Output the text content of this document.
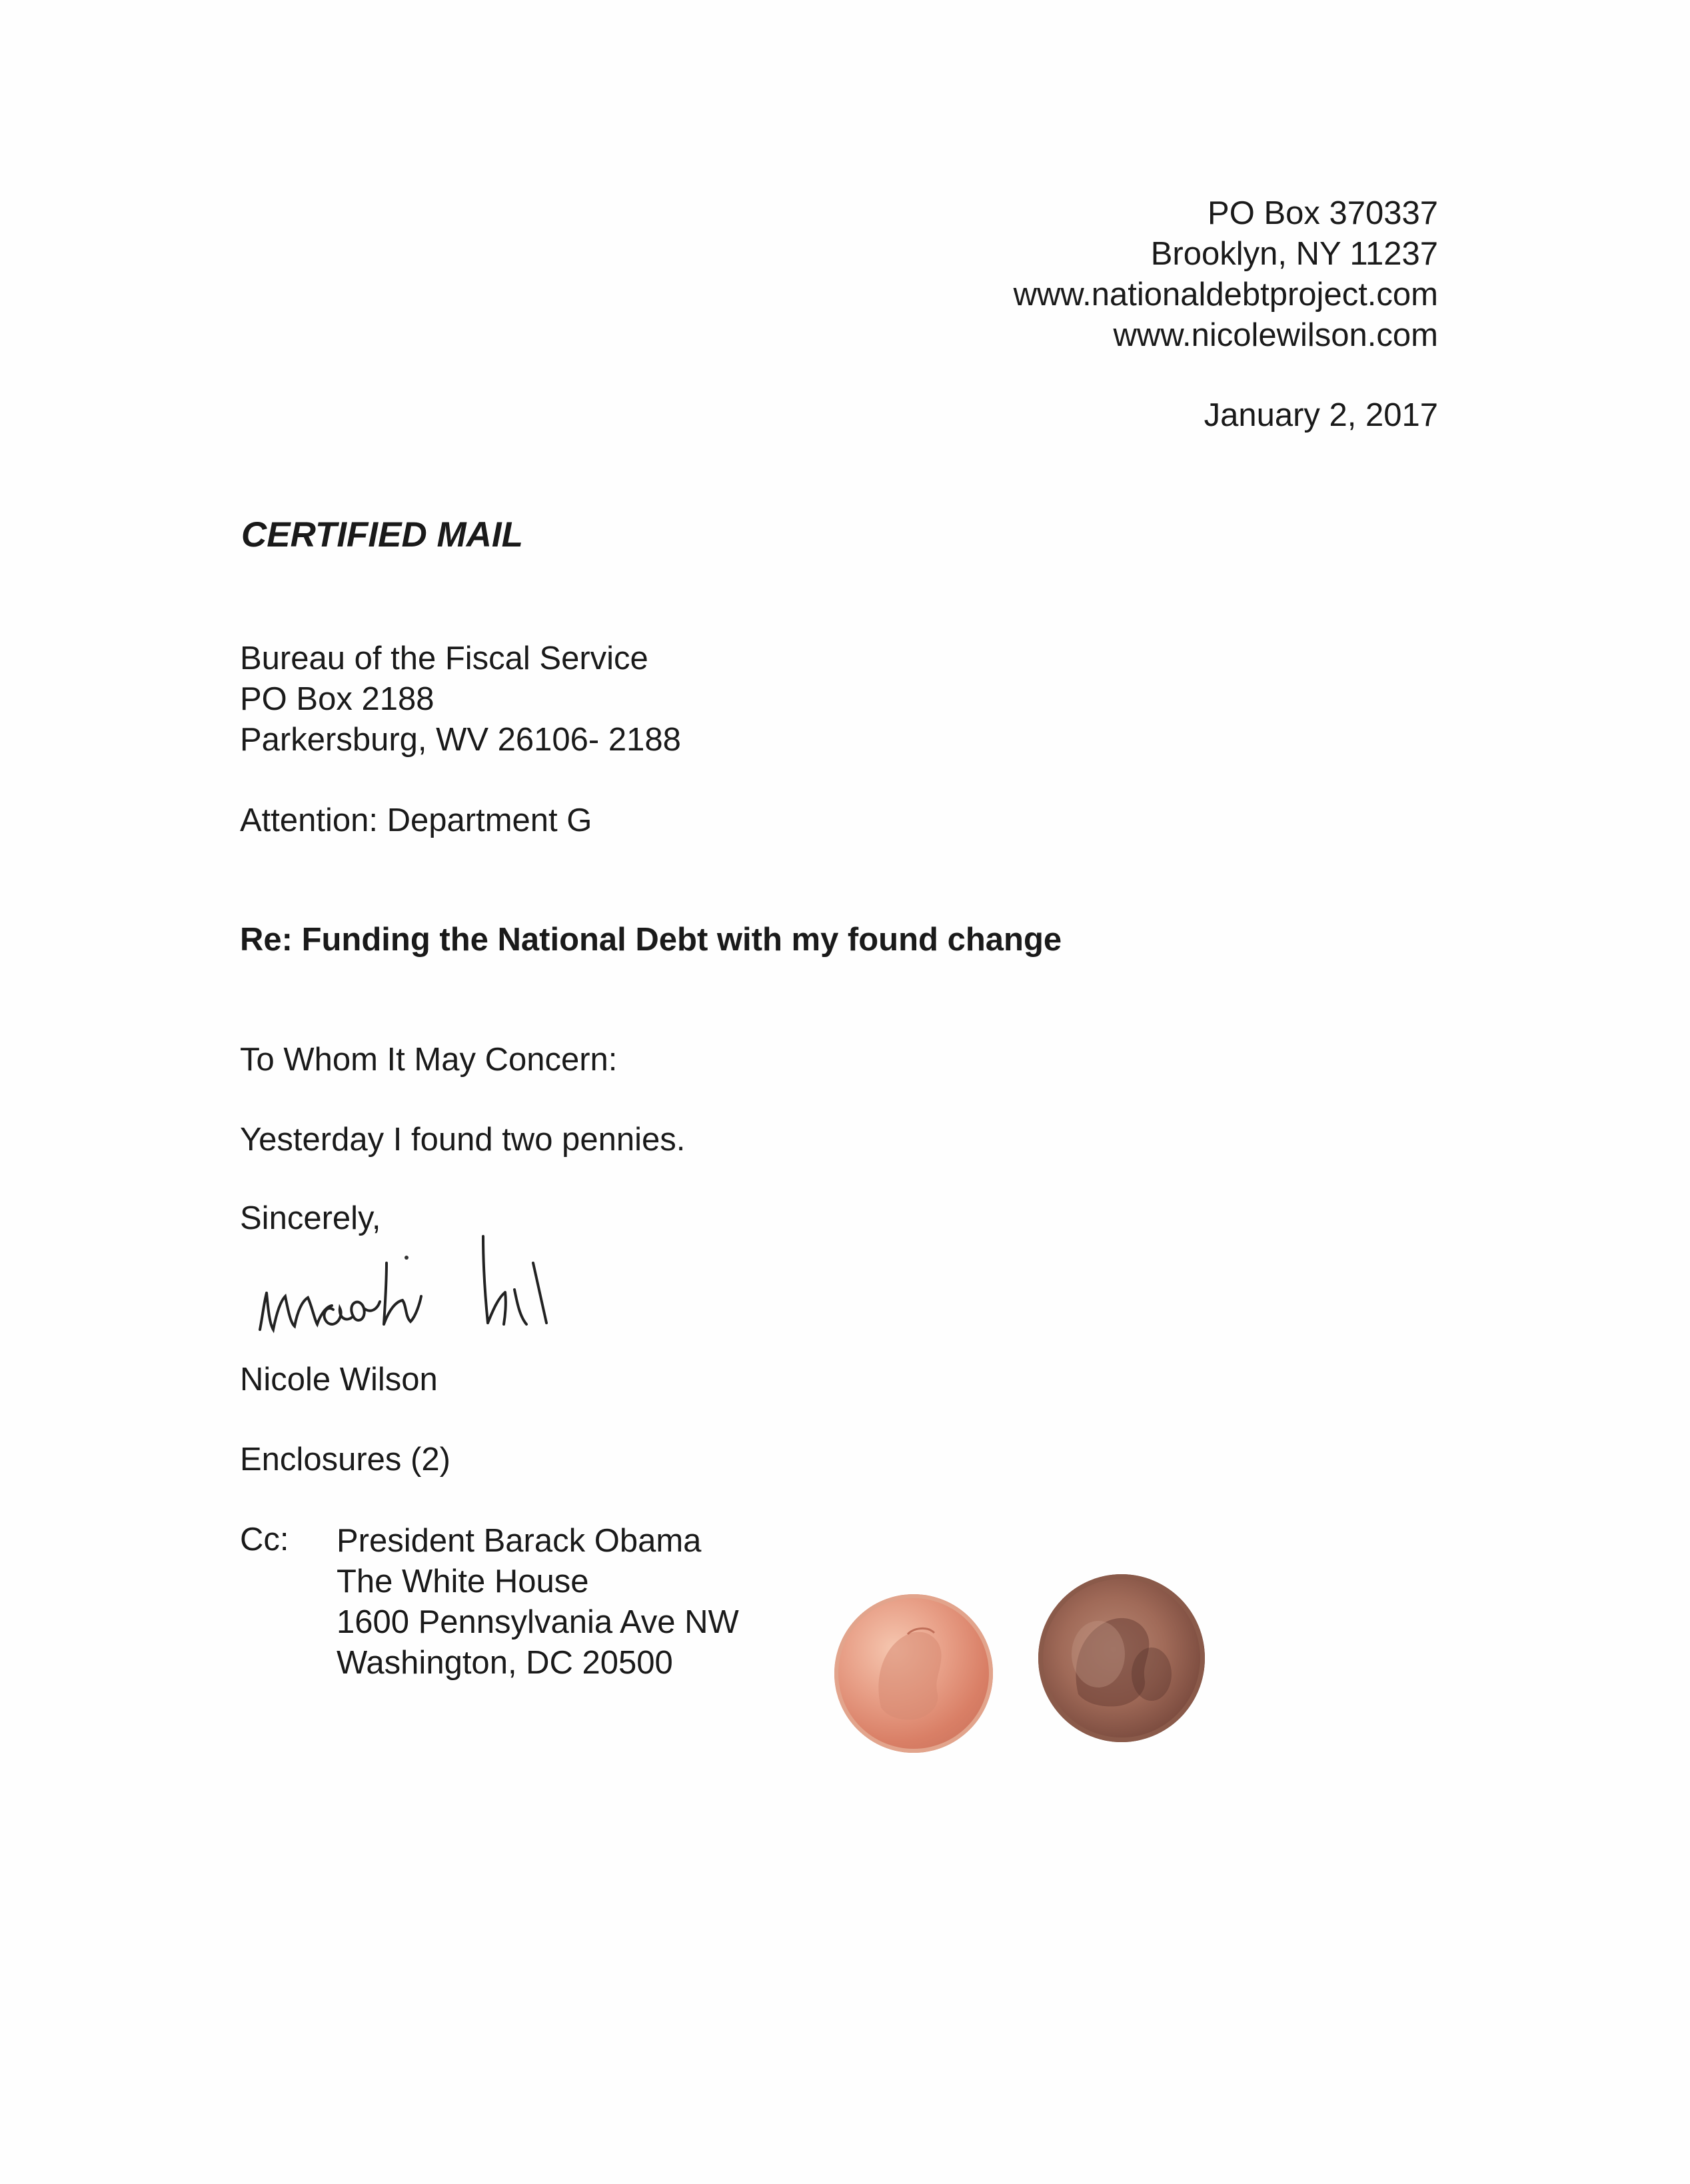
PO Box 370337
Brooklyn, NY 11237
www.nationaldebtproject.com
www.nicolewilson.com
January 2, 2017
CERTIFIED MAIL
Bureau of the Fiscal Service
PO Box 2188
Parkersburg, WV 26106- 2188
Attention: Department G
Re: Funding the National Debt with my found change
To Whom It May Concern:
Yesterday I found two pennies.
Sincerely,
Nicole Wilson
Enclosures (2)
Cc: President Barack Obama
The White House
1600 Pennsylvania Ave NW
Washington, DC 20500
